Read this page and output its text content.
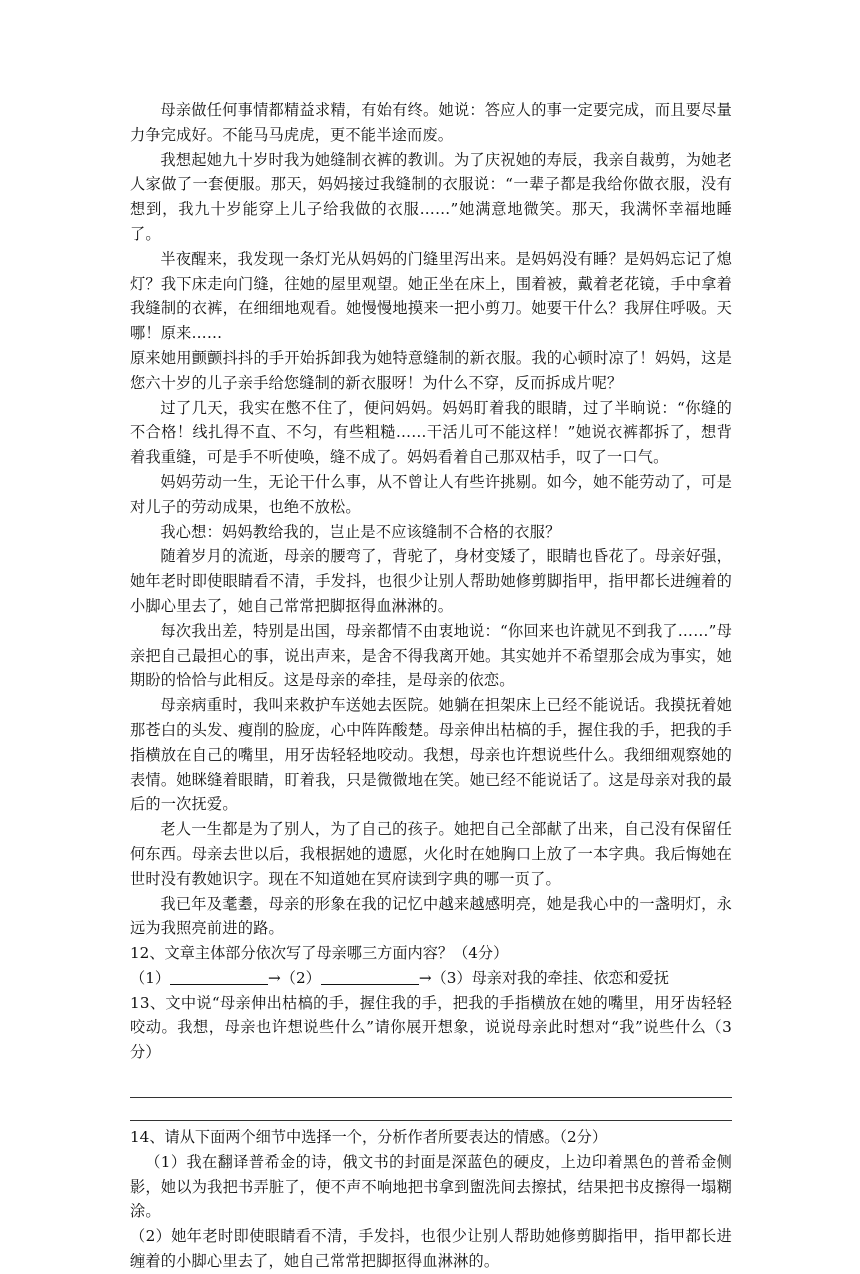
母亲做任何事情都精益求精，有始有终。她说：答应人的事一定要完成，而且要尽量力争完成好。不能马马虎虎，更不能半途而废。

我想起她九十岁时我为她缝制衣裤的教训。为了庆祝她的寿辰，我亲自裁剪，为她老人家做了一套便服。那天，妈妈接过我缝制的衣服说：“一辈子都是我给你做衣服，没有想到，我九十岁能穿上儿子给我做的衣服……”她满意地微笑。那天，我满怀幸福地睡了。

半夜醒来，我发现一条灯光从妈妈的门缝里泻出来。是妈妈没有睡？是妈妈忘记了熄灯？我下床走向门缝，往她的屋里观望。她正坐在床上，围着被，戴着老花镜，手中拿着我缝制的衣裤，在细细地观看。她慢慢地摸来一把小剪刀。她要干什么？我屏住呼吸。天哪！原来……

原来她用颤颤抖抖的手开始拆卸我为她特意缝制的新衣服。我的心顿时凉了！妈妈，这是您六十岁的儿子亲手给您缝制的新衣服呀！为什么不穿，反而拆成片呢？

过了几天，我实在憋不住了，便问妈妈。妈妈盯着我的眼睛，过了半晌说：“你缝的不合格！线扎得不直、不匀，有些粗糙……干活儿可不能这样！”她说衣裤都拆了，想背着我重缝，可是手不听使唤，缝不成了。妈妈看着自己那双枯手，叹了一口气。

妈妈劳动一生，无论干什么事，从不曾让人有些许挑剔。如今，她不能劳动了，可是对儿子的劳动成果，也绝不放松。

我心想：妈妈教给我的，岂止是不应该缝制不合格的衣服？

随着岁月的流逝，母亲的腰弯了，背驼了，身材变矮了，眼睛也昏花了。母亲好强，她年老时即使眼睛看不清，手发抖，也很少让别人帮助她修剪脚指甲，指甲都长进缠着的小脚心里去了，她自己常常把脚抠得血淋淋的。

每次我出差，特别是出国，母亲都情不由衷地说：“你回来也许就见不到我了……”母亲把自己最担心的事，说出声来，是舍不得我离开她。其实她并不希望那会成为事实，她期盼的恰恰与此相反。这是母亲的牵挂，是母亲的依恋。

母亲病重时，我叫来救护车送她去医院。她躺在担架床上已经不能说话。我摸抚着她那苍白的头发、瘦削的脸庞，心中阵阵酸楚。母亲伸出枯槁的手，握住我的手，把我的手指横放在自己的嘴里，用牙齿轻轻地咬动。我想，母亲也许想说些什么。我细细观察她的表情。她眯缝着眼睛，盯着我，只是微微地在笑。她已经不能说话了。这是母亲对我的最后的一次抚爱。

老人一生都是为了别人，为了自己的孩子。她把自己全部献了出来，自己没有保留任何东西。母亲去世以后，我根据她的遗愿，火化时在她胸口上放了一本字典。我后悔她在世时没有教她识字。现在不知道她在冥府读到字典的哪一页了。

我已年及耄耋，母亲的形象在我的记忆中越来越感明亮，她是我心中的一盏明灯，永远为我照亮前进的路。

12、文章主体部分依次写了母亲哪三方面内容？（4分）

（1）	→（2）	→（3）母亲对我的牵挂、依恋和爱抚

13、文中说“母亲伸出枯槁的手，握住我的手，把我的手指横放在她的嘴里，用牙齿轻轻咬动。我想，母亲也许想说些什么”请你展开想象，说说母亲此时想对“我”说些什么（3分）

14、请从下面两个细节中选择一个，分析作者所要表达的情感。（2分）

（1）我在翻译普希金的诗，俄文书的封面是深蓝色的硬皮，上边印着黑色的普希金侧影，她以为我把书弄脏了，便不声不响地把书拿到盥洗间去擦拭，结果把书皮擦得一塌糊涂。

（2）她年老时即使眼睛看不清，手发抖，也很少让别人帮助她修剪脚指甲，指甲都长进缠着的小脚心里去了，她自己常常把脚抠得血淋淋的。
